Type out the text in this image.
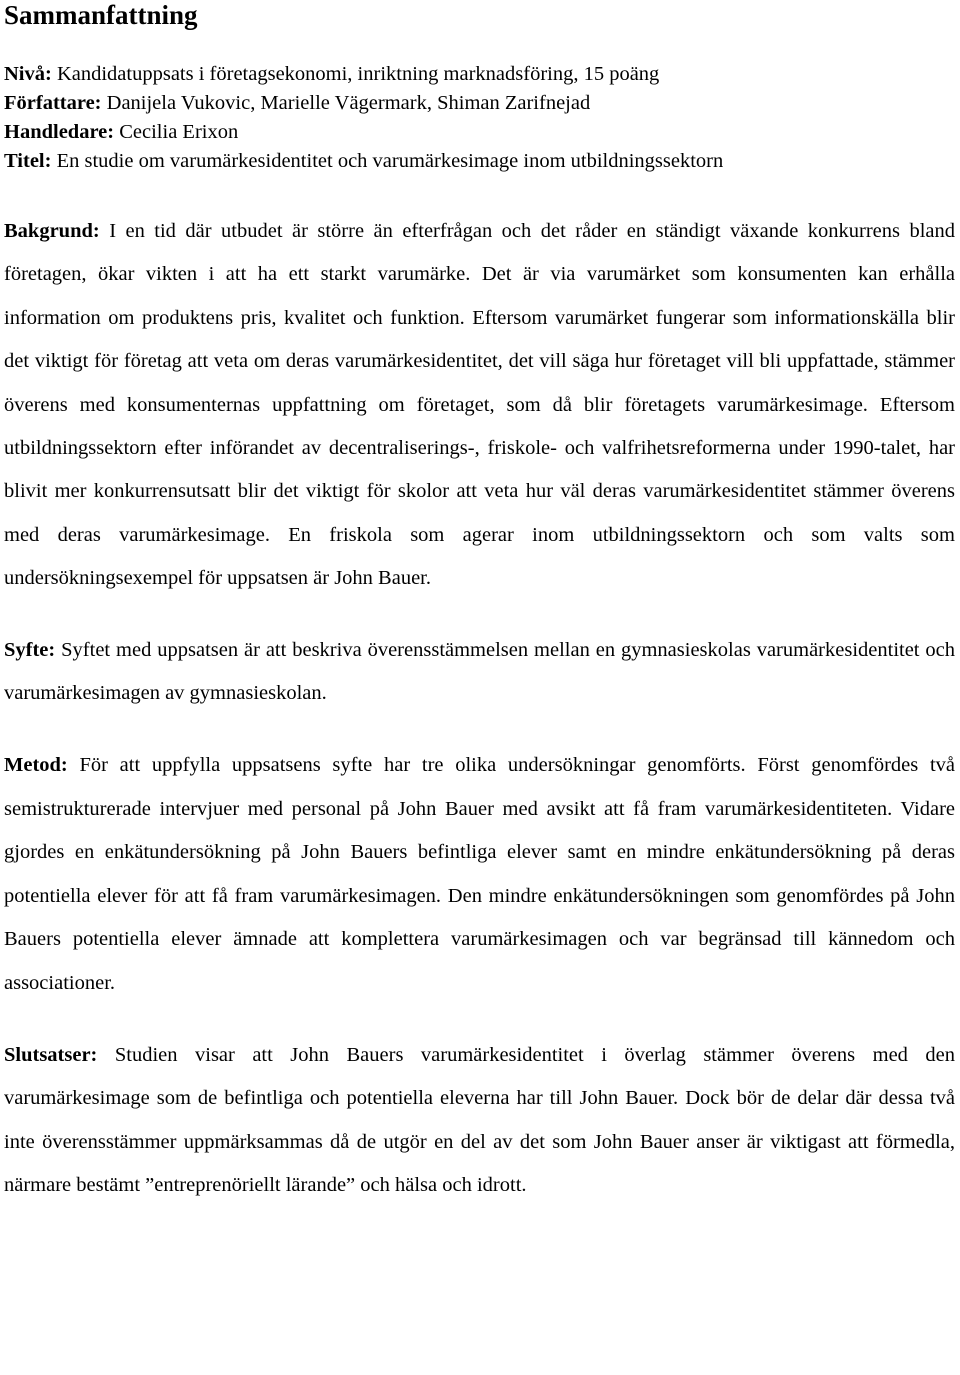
Sammanfattning
Nivå: Kandidatuppsats i företagsekonomi, inriktning marknadsföring, 15 poäng
Författare: Danijela Vukovic, Marielle Vägermark, Shiman Zarifnejad
Handledare: Cecilia Erixon
Titel: En studie om varumärkesidentitet och varumärkesimage inom utbildningssektorn

Bakgrund: I en tid där utbudet är större än efterfrågan och det råder en ständigt växande konkurrens bland företagen, ökar vikten i att ha ett starkt varumärke. Det är via varumärket som konsumenten kan erhålla information om produktens pris, kvalitet och funktion. Eftersom varumärket fungerar som informationskälla blir det viktigt för företag att veta om deras varumärkesidentitet, det vill säga hur företaget vill bli uppfattade, stämmer överens med konsumenternas uppfattning om företaget, som då blir företagets varumärkesimage. Eftersom utbildningssektorn efter införandet av decentraliserings-, friskole- och valfrihetsreformerna under 1990-talet, har blivit mer konkurrensutsatt blir det viktigt för skolor att veta hur väl deras varumärkesidentitet stämmer överens med deras varumärkesimage. En friskola som agerar inom utbildningssektorn och som valts som undersökningsexempel för uppsatsen är John Bauer.

Syfte: Syftet med uppsatsen är att beskriva överensstämmelsen mellan en gymnasieskolas varumärkesidentitet och varumärkesimagen av gymnasieskolan.

Metod: För att uppfylla uppsatsens syfte har tre olika undersökningar genomförts. Först genomfördes två semistrukturerade intervjuer med personal på John Bauer med avsikt att få fram varumärkesidentiteten. Vidare gjordes en enkätundersökning på John Bauers befintliga elever samt en mindre enkätundersökning på deras potentiella elever för att få fram varumärkesimagen. Den mindre enkätundersökningen som genomfördes på John Bauers potentiella elever ämnade att komplettera varumärkesimagen och var begränsad till kännedom och associationer.

Slutsatser: Studien visar att John Bauers varumärkesidentitet i överlag stämmer överens med den varumärkesimage som de befintliga och potentiella eleverna har till John Bauer. Dock bör de delar där dessa två inte överensstämmer uppmärksammas då de utgör en del av det som John Bauer anser är viktigast att förmedla, närmare bestämt ”entreprenöriellt lärande” och hälsa och idrott.
